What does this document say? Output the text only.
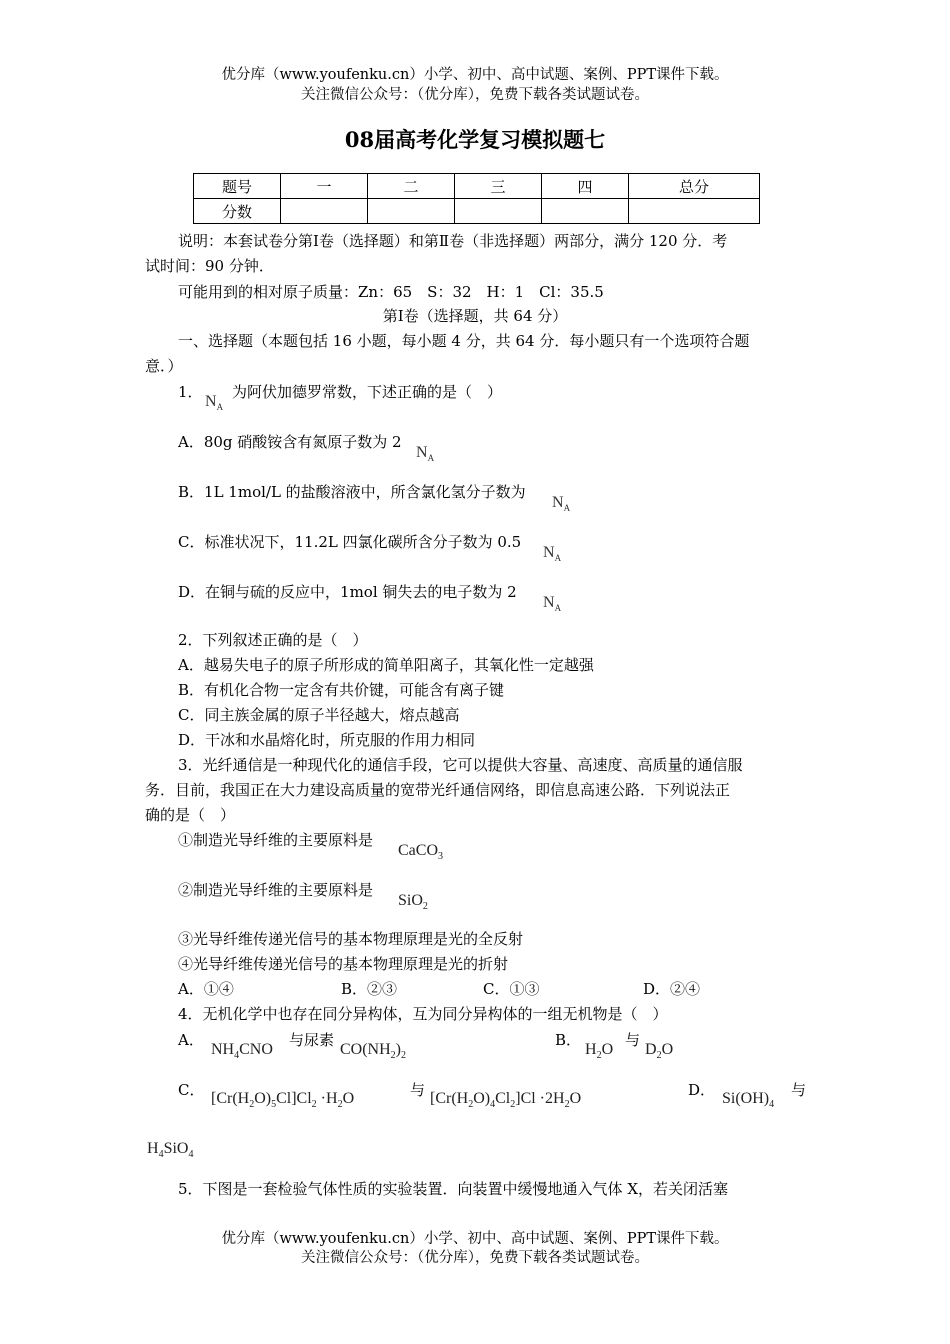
优分库（www.youfenku.cn）小学、初中、高中试题、案例、PPT课件下载。
关注微信公众号：（优分库），免费下载各类试题试卷。
08届高考化学复习模拟题七
题号	一	二	三	四	总分
分数					
说明：本套试卷分第Ⅰ卷（选择题）和第Ⅱ卷（非选择题）两部分，满分 120 分．考
试时间：90 分钟．
可能用到的相对原子质量：Zn：65　S：32　H：1　Cl：35.5
第Ⅰ卷（选择题，共 64 分）
一、选择题（本题包括 16 小题，每小题 4 分，共 64 分．每小题只有一个选项符合题
意．）
1．
$N_A$
为阿伏加德罗常数，下述正确的是（　）
A．80g 硝酸铵含有氮原子数为 2
$N_A$
B．1L 1mol/L 的盐酸溶液中，所含氯化氢分子数为
$N_A$
C．标准状况下，11.2L 四氯化碳所含分子数为 0.5
$N_A$
D．在铜与硫的反应中，1mol 铜失去的电子数为 2
$N_A$
2．下列叙述正确的是（　）
A．越易失电子的原子所形成的简单阳离子，其氧化性一定越强
B．有机化合物一定含有共价键，可能含有离子键
C．同主族金属的原子半径越大，熔点越高
D．干冰和水晶熔化时，所克服的作用力相同
3．光纤通信是一种现代化的通信手段，它可以提供大容量、高速度、高质量的通信服
务．目前，我国正在大力建设高质量的宽带光纤通信网络，即信息高速公路．下列说法正
确的是（　）
①制造光导纤维的主要原料是
CaCO$_3$
②制造光导纤维的主要原料是
SiO$_2$
③光导纤维传递光信号的基本物理原理是光的全反射
④光导纤维传递光信号的基本物理原理是光的折射
A．①④	B．②③	C．①③	D．②④
4．无机化学中也存在同分异构体，互为同分异构体的一组无机物是（　）
A．
$NH_4CNO$
与尿素
$CO(NH_2)_2$
B．
$H_2O$
与
$D_2O$
C． $[Cr(H_2O)_5Cl]Cl_2 \cdot H_2O$	与 $[Cr(H_2O)_4Cl_2]Cl \cdot 2H_2O$	D． $Si(OH)_4$
与
$H_4SiO_4$
5．下图是一套检验气体性质的实验装置．向装置中缓慢地通入气体 X，若关闭活塞
优分库（www.youfenku.cn）小学、初中、高中试题、案例、PPT课件下载。
关注微信公众号：（优分库），免费下载各类试题试卷。
